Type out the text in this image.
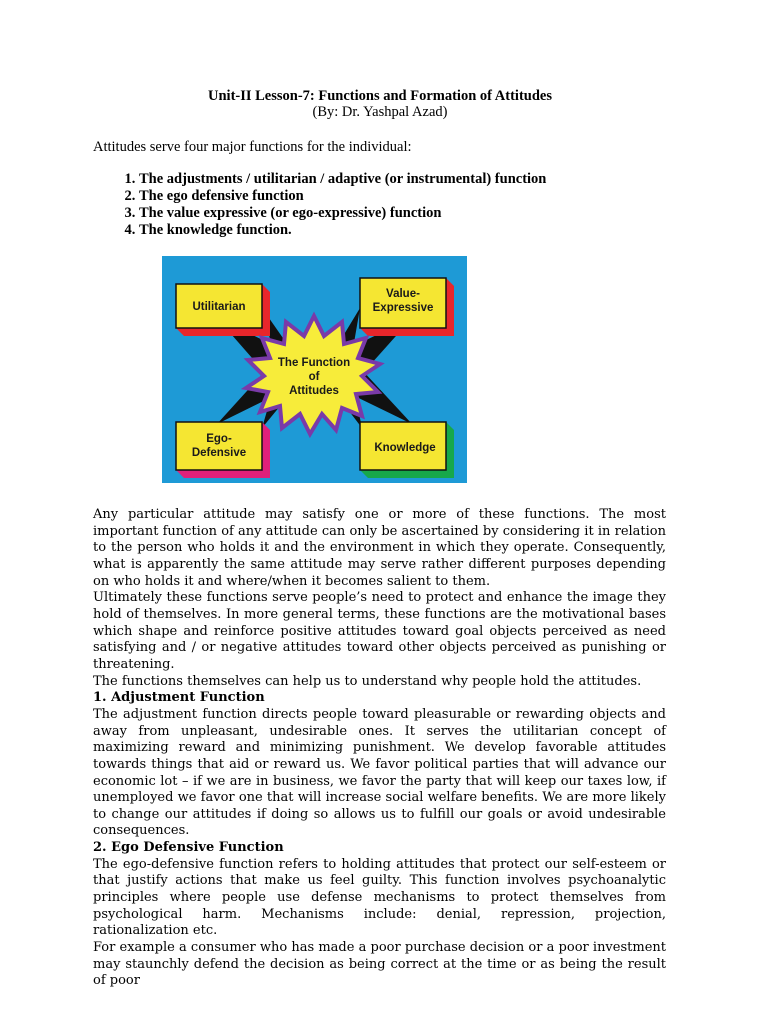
Unit-II Lesson-7: Functions and Formation of Attitudes
(By: Dr. Yashpal Azad)
Attitudes serve four major functions for the individual:
1. The adjustments / utilitarian / adaptive (or instrumental) function
2. The ego defensive function
3. The value expressive (or ego-expressive) function
4. The knowledge function.
Utilitarian
Value-
Expressive
Ego-
Defensive	Knowledge
The Function
of
Attitudes

Any particular attitude may satisfy one or more of these functions. The most important function of any attitude can only be ascertained by considering it in relation to the person who holds it and the environment in which they operate. Consequently, what is apparently the same attitude may serve rather different purposes depending on who holds it and where/when it becomes salient to them.

Ultimately these functions serve people’s need to protect and enhance the image they hold of themselves. In more general terms, these functions are the motivational bases which shape and reinforce positive attitudes toward goal objects perceived as need satisfying and / or negative attitudes toward other objects perceived as punishing or threatening.

The functions themselves can help us to understand why people hold the attitudes.

1. Adjustment Function

The adjustment function directs people toward pleasurable or rewarding objects and away from unpleasant, undesirable ones. It serves the utilitarian concept of maximizing reward and minimizing punishment. We develop favorable attitudes towards things that aid or reward us. We favor political parties that will advance our economic lot – if we are in business, we favor the party that will keep our taxes low, if unemployed we favor one that will increase social welfare benefits. We are more likely to change our attitudes if doing so allows us to fulfill our goals or avoid undesirable consequences.

2. Ego Defensive Function

The ego-defensive function refers to holding attitudes that protect our self-esteem or that justify actions that make us feel guilty. This function involves psychoanalytic principles where people use defense mechanisms to protect themselves from psychological harm. Mechanisms include: denial, repression, projection, rationalization etc.

For example a consumer who has made a poor purchase decision or a poor investment may staunchly defend the decision as being correct at the time or as being the result of poor
